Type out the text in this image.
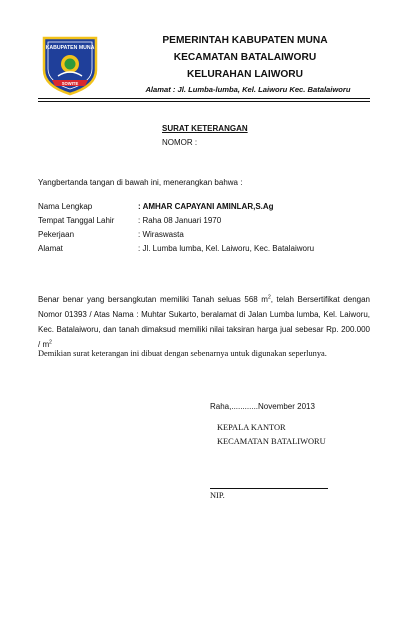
KABUPATEN MUNA
SOWITE
PEMERINTAH KABUPATEN MUNA
KECAMATAN BATALAIWORU
KELURAHAN LAIWORU
Alamat : Jl. Lumba-lumba, Kel. Laiworu Kec. Batalaiworu
SURAT KETERANGAN
NOMOR :
Yangbertanda tangan di bawah ini, menerangkan bahwa :
Nama Lengkap	: AMHAR CAPAYANI AMINLAR,S.Ag
Tempat Tanggal Lahir	: Raha 08 Januari 1970
Pekerjaan	: Wiraswasta
Alamat	: Jl. Lumba lumba, Kel. Laiworu, Kec. Batalaiworu
Benar benar yang bersangkutan memiliki Tanah seluas 568 $m^2$, telah Bersertifikat dengan Nomor 01393 / Atas Nama : Muhtar Sukarto, beralamat di Jalan Lumba lumba, Kel. Laiworu, Kec. Batalaiworu, dan tanah dimaksud memiliki nilai taksiran harga jual sebesar Rp. $200.000 / m^2$
Demikian surat keterangan ini dibuat dengan sebenarnya untuk digunakan seperlunya.
Raha,............November 2013
KEPALA KANTOR
KECAMATAN BATALIWORU
NIP.
